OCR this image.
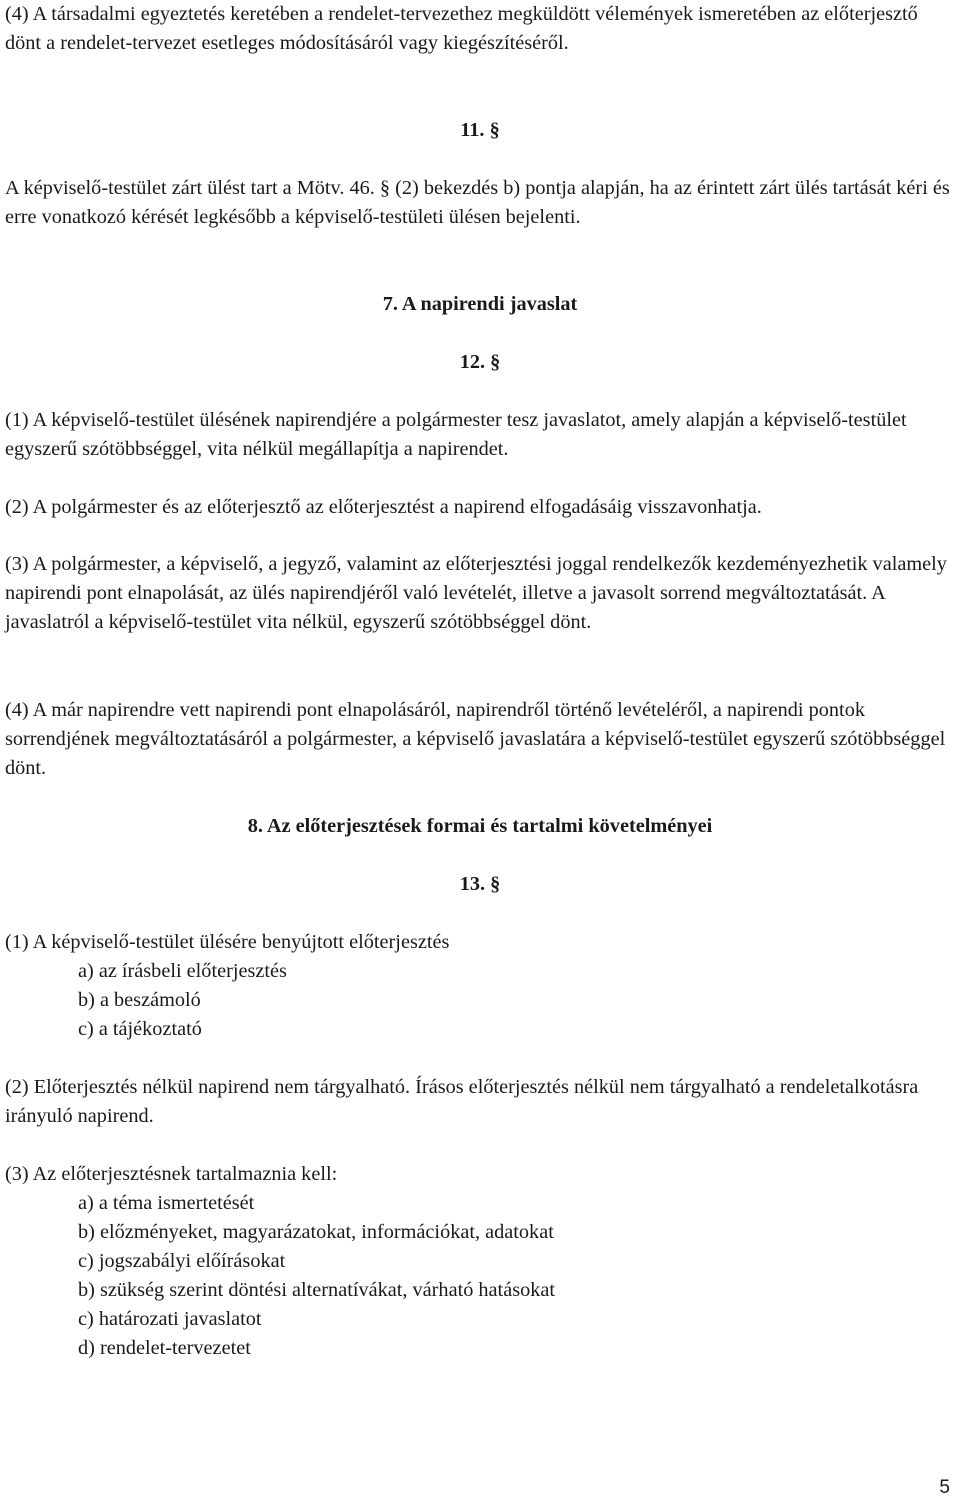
(4) A társadalmi egyeztetés keretében a rendelet-tervezethez megküldött vélemények ismeretében az előterjesztő dönt a rendelet-tervezet esetleges módosításáról vagy kiegészítéséről.

11. §

A képviselő-testület zárt ülést tart a Mötv. 46. § (2) bekezdés b) pontja alapján, ha az érintett zárt ülés tartását kéri és erre vonatkozó kérését legkésőbb a képviselő-testületi ülésen bejelenti.

7. A napirendi javaslat

12. §

(1) A képviselő-testület ülésének napirendjére a polgármester tesz javaslatot, amely alapján a képviselő-testület egyszerű szótöbbséggel, vita nélkül megállapítja a napirendet.

(2) A polgármester és az előterjesztő az előterjesztést a napirend elfogadásáig visszavonhatja.

(3) A polgármester, a képviselő, a jegyző, valamint az előterjesztési joggal rendelkezők kezdeményezhetik valamely napirendi pont elnapolását, az ülés napirendjéről való levételét, illetve a javasolt sorrend megváltoztatását. A javaslatról a képviselő-testület vita nélkül, egyszerű szótöbbséggel dönt.

(4) A már napirendre vett napirendi pont elnapolásáról, napirendről történő levételéről, a napirendi pontok sorrendjének megváltoztatásáról a polgármester, a képviselő javaslatára a képviselő-testület egyszerű szótöbbséggel dönt.

8. Az előterjesztések formai és tartalmi követelményei

13. §

(1) A képviselő-testület ülésére benyújtott előterjesztés

a) az írásbeli előterjesztés

b) a beszámoló

c) a tájékoztató

(2) Előterjesztés nélkül napirend nem tárgyalható. Írásos előterjesztés nélkül nem tárgyalható a rendeletalkotásra irányuló napirend.

(3) Az előterjesztésnek tartalmaznia kell:

a) a téma ismertetését

b) előzményeket, magyarázatokat, információkat, adatokat

c) jogszabályi előírásokat

b) szükség szerint döntési alternatívákat, várható hatásokat

c) határozati javaslatot

d) rendelet-tervezetet

5
